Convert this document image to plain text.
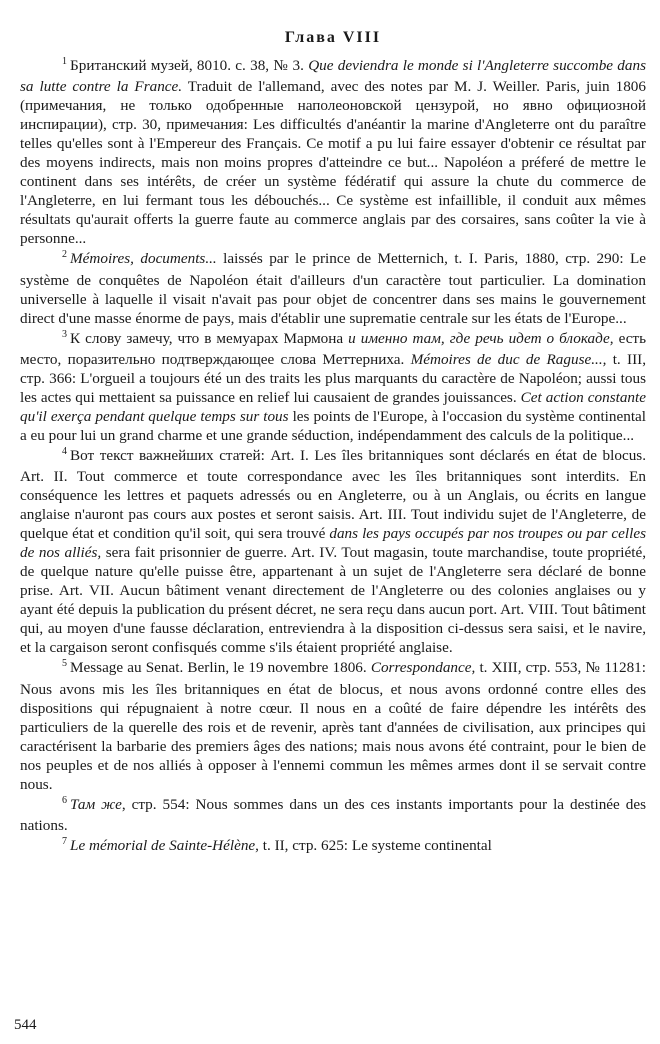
Глава VIII

$^1$ Британский музей, 8010. с. 38, № 3. Que deviendra le monde si l'Angleterre succombe dans sa lutte contre la France. Traduit de l'allemand, avec des notes par M. J. Weiller. Paris, juin 1806 (примечания, не только одобренные наполеоновской цензурой, но явно официозной инспирации), стр. 30, примечания: Les difficultés d'anéantir la marine d'Angleterre ont du paraître telles qu'elles sont à l'Empereur des Français. Ce motif a pu lui faire essayer d'obtenir ce résultat par des moyens indirects, mais non moins propres d'atteindre ce but... Napoléon a préferé de mettre le continent dans ses intérêts, de créer un système fédératif qui assure la chute du commerce de l'Angleterre, en lui fermant tous les débouchés... Ce système est infaillible, il conduit aux mêmes résultats qu'aurait offerts la guerre faute au commerce anglais par des corsaires, sans coûter la vie à personne...

$^2$ Mémoires, documents... laissés par le prince de Metternich, t. I. Paris, 1880, стр. 290: Le système de conquêtes de Napoléon était d'ailleurs d'un caractère tout particulier. La domination universelle à laquelle il visait n'avait pas pour objet de concentrer dans ses mains le gouvernement direct d'une masse énorme de pays, mais d'établir une suprematie centrale sur les états de l'Europe...

$^3$ К слову замечу, что в мемуарах Мармона и именно там, где речь идет о блокаде, есть место, поразительно подтверждающее слова Меттерниха. Mémoires de duc de Raguse..., t. III, стр. 366: L'orgueil a toujours été un des traits les plus marquants du caractère de Napoléon; aussi tous les actes qui mettaient sa puissance en relief lui causaient de grandes jouissances. Cet action constante qu'il exerça pendant quelque temps sur tous les points de l'Europe, à l'occasion du système continental a eu pour lui un grand charme et une grande séduction, indépendamment des calculs de la politique...

$^4$ Вот текст важнейших статей: Art. I. Les îles britanniques sont déclarés en état de blocus. Art. II. Tout commerce et toute correspondance avec les îles britanniques sont interdits. En conséquence les lettres et paquets adressés ou en Angleterre, ou à un Anglais, ou écrits en langue anglaise n'auront pas cours aux postes et seront saisis. Art. III. Tout individu sujet de l'Angleterre, de quelque état et condition qu'il soit, qui sera trouvé dans les pays occupés par nos troupes ou par celles de nos alliés, sera fait prisonnier de guerre. Art. IV. Tout magasin, toute marchandise, toute propriété, de quelque nature qu'elle puisse être, appartenant à un sujet de l'Angleterre sera déclaré de bonne prise. Art. VII. Aucun bâtiment venant directement de l'Angleterre ou des colonies anglaises ou y ayant été depuis la publication du présent décret, ne sera reçu dans aucun port. Art. VIII. Tout bâtiment qui, au moyen d'une fausse déclaration, entreviendra à la disposition ci-dessus sera saisi, et le navire, et la cargaison seront confisqués comme s'ils étaient propriété anglaise.

$^5$ Message au Senat. Berlin, le 19 novembre 1806. Correspondance, t. XIII, стр. 553, № 11281: Nous avons mis les îles britanniques en état de blocus, et nous avons ordonné contre elles des dispositions qui répugnaient à notre cœur. Il nous en a coûté de faire dépendre les intérêts des particuliers de la querelle des rois et de revenir, après tant d'années de civilisation, aux principes qui caractérisent la barbarie des premiers âges des nations; mais nous avons été contraint, pour le bien de nos peuples et de nos alliés à opposer à l'ennemi commun les mêmes armes dont il se servait contre nous.

$^6$ Там же, стр. 554: Nous sommes dans un des ces instants importants pour la destinée des nations.

$^7$ Le mémorial de Sainte-Hélène, t. II, стр. 625: Le systeme continental

544
